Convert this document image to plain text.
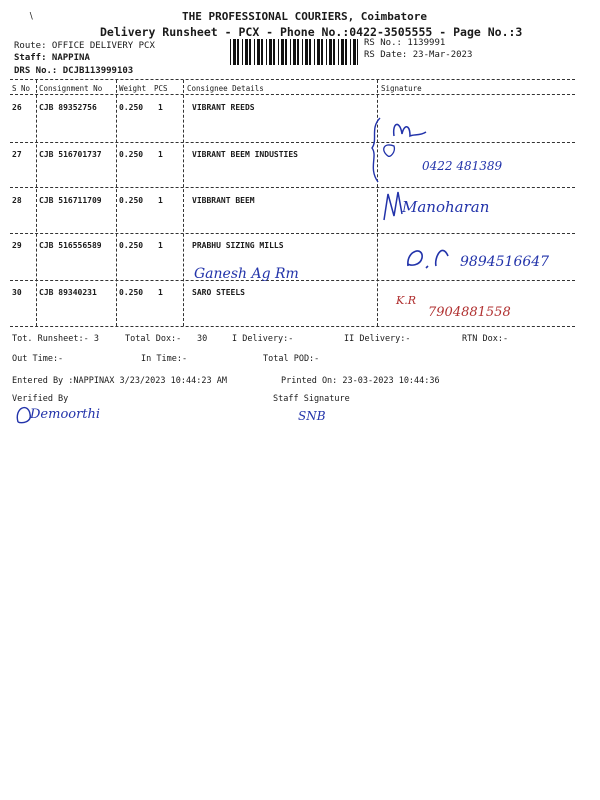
THE PROFESSIONAL COURIERS, Coimbatore
Delivery Runsheet - PCX - Phone No.:0422-3505555 - Page No.:3
Route: OFFICE DELIVERY PCX
Staff: NAPPINA
DRS No.: DCJB113999103
RS No.: 1139991
RS Date: 23-Mar-2023
S No Consignment No Weight PCS	Consignee Details	Signature
26 CJB 89352756	0.250 1	VIBRANT REEDS
27 CJB 516701737 0.250 1	VIBRANT BEEM INDUSTIES
28 CJB 516711709 0.250 1	VIBBRANT BEEM
29 CJB 516556589 0.250 1	PRABHU SIZING MILLS
30 CJB 89340231	0.250 1	SARO STEELS
0422 481389
Manoharan
9894516647
Ganesh Ag Rm
K.R
7904881558
Tot. Runsheet:- 3	Total Dox:- 30	I Delivery:-	II Delivery:-	RTN Dox:-
Out Time:-	In Time:-	Total POD:-
Entered By :NAPPINAX 3/23/2023 10:44:23 AM	Printed On: 23-03-2023 10:44:36
Verified By	Staff Signature
Demoorthi	SNB
∖
